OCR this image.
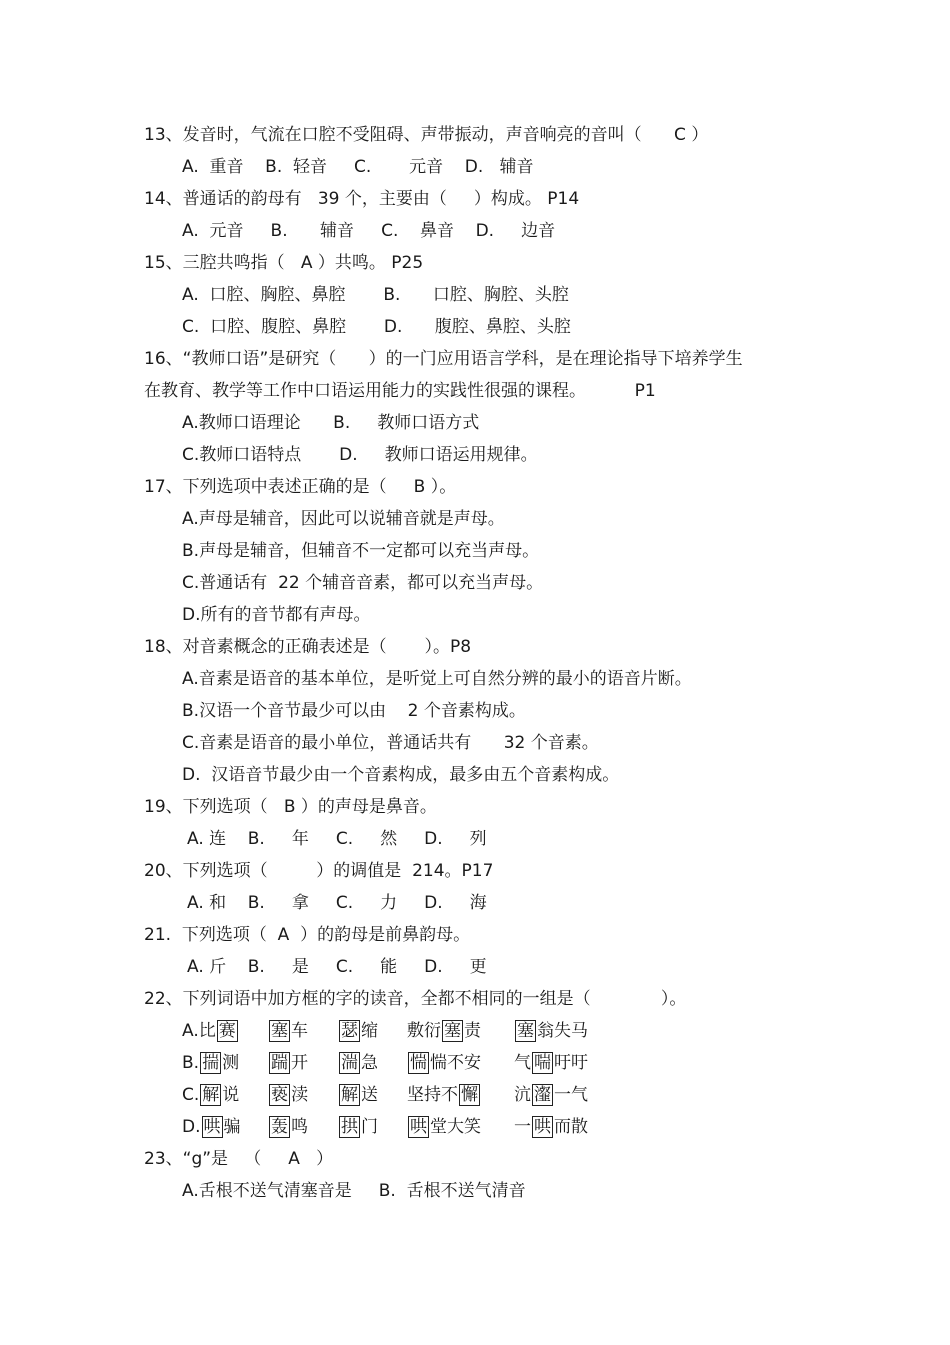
13、发音时，气流在口腔不受阻碍、声带振动，声音响亮的音叫（      C ）
A.  重音    B.  轻音     C.       元音    D.   辅音
14、普通话的韵母有   39 个，主要由（     ）构成。 P14
A.  元音     B.      辅音     C.    鼻音    D.     边音
15、三腔共鸣指（   A ）共鸣。 P25
A.  口腔、胸腔、鼻腔       B.      口腔、胸腔、头腔
C.  口腔、腹腔、鼻腔       D.      腹腔、鼻腔、头腔
16、“教师口语”是研究（      ）的一门应用语言学科，是在理论指导下培养学生
在教育、教学等工作中口语运用能力的实践性很强的课程。         P1
A.教师口语理论      B.     教师口语方式
C.教师口语特点       D.     教师口语运用规律。
17、下列选项中表述正确的是（     B ）。
A.声母是辅音，因此可以说辅音就是声母。
B.声母是辅音，但辅音不一定都可以充当声母。
C.普通话有  22 个辅音音素，都可以充当声母。
D.所有的音节都有声母。
18、对音素概念的正确表述是（       ）。P8
A.音素是语音的基本单位，是听觉上可自然分辨的最小的语音片断。
B.汉语一个音节最少可以由    2 个音素构成。
C.音素是语音的最小单位，普通话共有      32 个音素。
D.  汉语音节最少由一个音素构成，最多由五个音素构成。
19、下列选项（   B ）的声母是鼻音。
A. 连    B.     年     C.     然     D.     列
20、下列选项（         ）的调值是  214。P17
A. 和    B.     拿     C.     力     D.     海
21.  下列选项（  A  ）的韵母是前鼻韵母。
A. 斤    B.     是     C.     能     D.     更
22、下列词语中加方框的字的读音，全都不相同的一组是（             ）。
A.比 赛 塞 车 瑟 缩 敷衍 塞 责 塞 翁失马
B. 揣 测 踹 开 湍 急 惴 惴不安 气 喘 吁吁
C. 解 说 亵 渎 解 送 坚持不 懈 沆 瀣 一气
D. 哄 骗 轰 鸣 拱 门 哄 堂大笑 一 哄 而散
23、“g”是   （     A   ）
A.舌根不送气清塞音是     B.  舌根不送气清音
